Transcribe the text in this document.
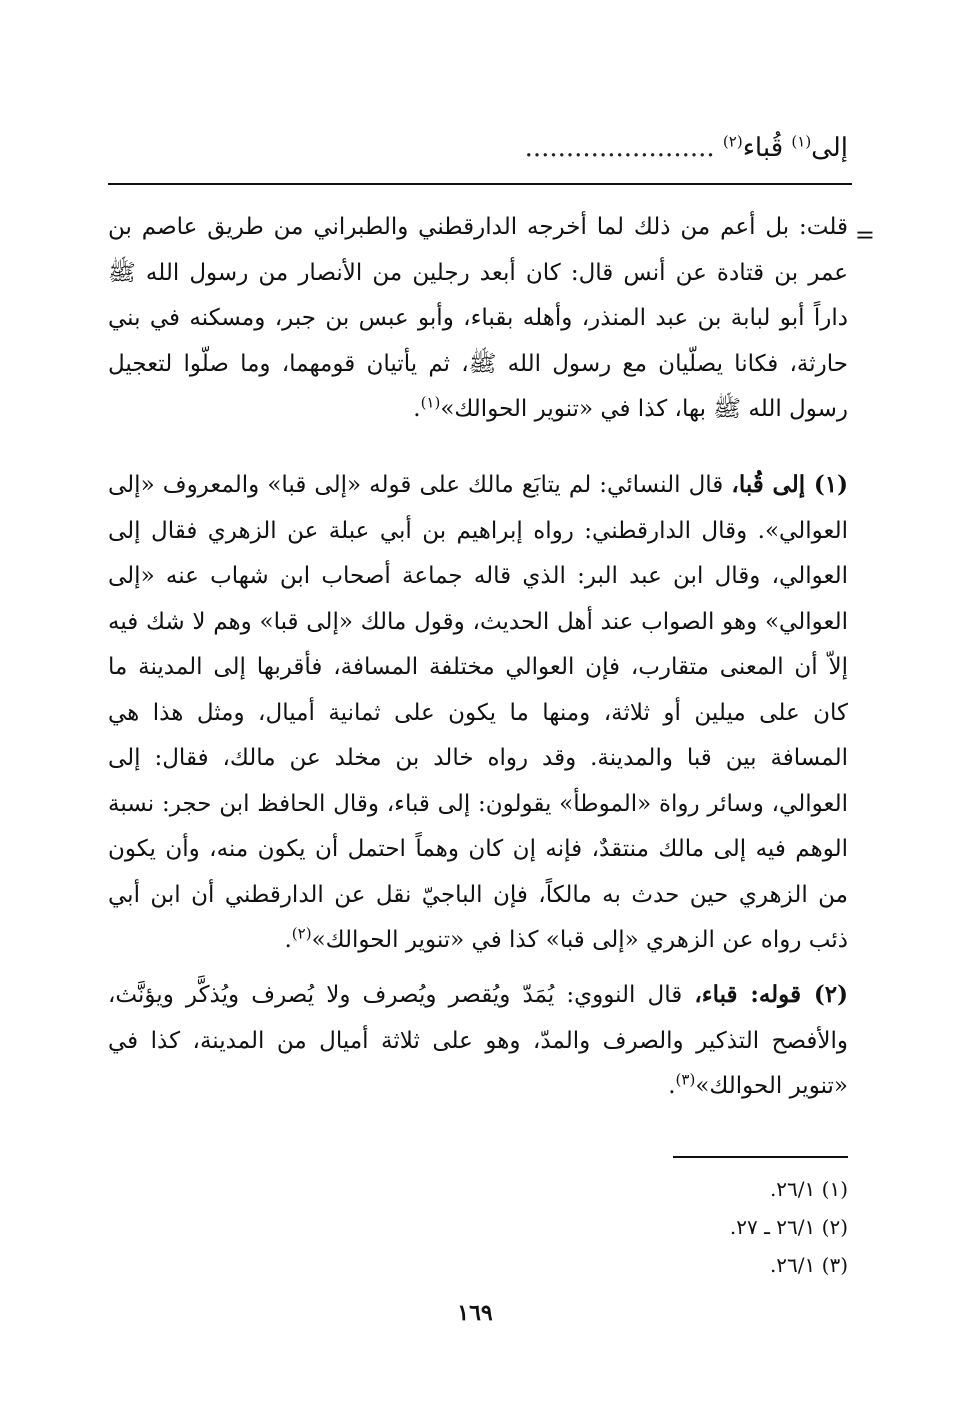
إلى$^{(١)}$ قُباء$^{(٢)}$ .......................
=

قلت: بل أعم من ذلك لما أخرجه الدارقطني والطبراني من طريق عاصم بن عمر بن قتادة عن أنس قال: كان أبعد رجلين من الأنصار من رسول الله ﷺ داراً أبو لبابة بن عبد المنذر، وأهله بقباء، وأبو عبس بن جبر، ومسكنه في بني حارثة، فكانا يصلّيان مع رسول الله ﷺ، ثم يأتيان قومهما، وما صلّوا لتعجيل رسول الله ﷺ بها، كذا في «تنوير الحوالك»$^{(١)}$.

(١) إلى قُبا، قال النسائي: لم يتابَع مالك على قوله «إلى قبا» والمعروف «إلى العوالي». وقال الدارقطني: رواه إبراهيم بن أبي عبلة عن الزهري فقال إلى العوالي، وقال ابن عبد البر: الذي قاله جماعة أصحاب ابن شهاب عنه «إلى العوالي» وهو الصواب عند أهل الحديث، وقول مالك «إلى قبا» وهم لا شك فيه إلاّ أن المعنى متقارب، فإن العوالي مختلفة المسافة، فأقربها إلى المدينة ما كان على ميلين أو ثلاثة، ومنها ما يكون على ثمانية أميال، ومثل هذا هي المسافة بين قبا والمدينة. وقد رواه خالد بن مخلد عن مالك، فقال: إلى العوالي، وسائر رواة «الموطأ» يقولون: إلى قباء، وقال الحافظ ابن حجر: نسبة الوهم فيه إلى مالك منتقدٌ، فإنه إن كان وهماً احتمل أن يكون منه، وأن يكون من الزهري حين حدث به مالكاً، فإن الباجيّ نقل عن الدارقطني أن ابن أبي ذئب رواه عن الزهري «إلى قبا» كذا في «تنوير الحوالك»$^{(٢)}$.

(٢) قوله: قباء، قال النووي: يُمَدّ ويُقصر ويُصرف ولا يُصرف ويُذكَّر ويؤنَّث، والأفصح التذكير والصرف والمدّ، وهو على ثلاثة أميال من المدينة، كذا في «تنوير الحوالك»$^{(٣)}$.

(١) ٢٦/١.
(٢) ٢٦/١ ـ ٢٧.
(٣) ٢٦/١.
١٦٩
